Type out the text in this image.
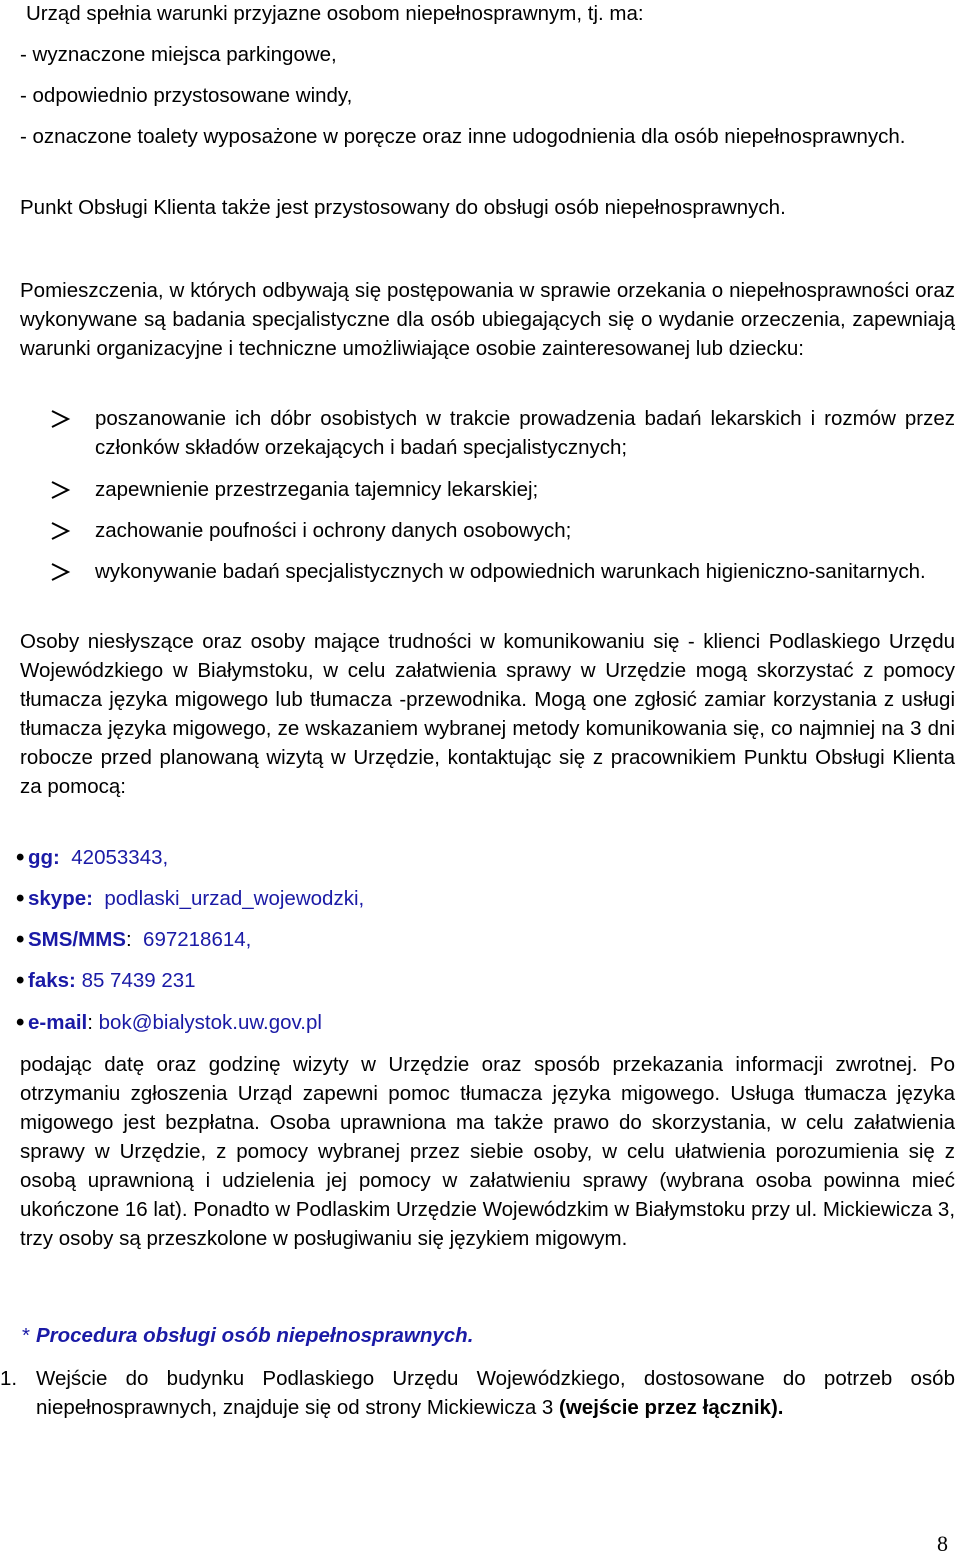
Urząd spełnia warunki przyjazne osobom niepełnosprawnym, tj. ma:
- wyznaczone miejsca parkingowe,
- odpowiednio przystosowane windy,
- oznaczone toalety wyposażone w poręcze oraz inne udogodnienia dla osób niepełnosprawnych.
Punkt Obsługi Klienta także jest przystosowany do obsługi osób niepełnosprawnych.
Pomieszczenia, w których odbywają się postępowania w sprawie orzekania o niepełnosprawności oraz wykonywane są badania specjalistyczne dla osób ubiegających się o wydanie orzeczenia, zapewniają warunki organizacyjne i techniczne umożliwiające osobie zainteresowanej lub dziecku:
poszanowanie ich dóbr osobistych w trakcie prowadzenia badań lekarskich i rozmów przez członków składów orzekających i badań specjalistycznych;
zapewnienie przestrzegania tajemnicy lekarskiej;
zachowanie poufności i ochrony danych osobowych;
wykonywanie badań specjalistycznych w odpowiednich warunkach higieniczno-sanitarnych.
Osoby niesłyszące oraz osoby mające trudności w komunikowaniu się - klienci Podlaskiego Urzędu Wojewódzkiego w Białymstoku, w celu załatwienia sprawy w Urzędzie mogą skorzystać z pomocy tłumacza języka migowego lub tłumacza -przewodnika. Mogą one zgłosić zamiar korzystania z usługi tłumacza języka migowego, ze wskazaniem wybranej metody komunikowania się, co najmniej na 3 dni robocze przed planowaną wizytą w Urzędzie, kontaktując się z pracownikiem Punktu Obsługi Klienta za pomocą:
• gg: 42053343,
• skype: podlaski_urzad_wojewodzki,
• SMS/MMS:  697218614,
• faks: 85 7439 231
• e-mail: bok@bialystok.uw.gov.pl
podając datę oraz godzinę wizyty w Urzędzie oraz sposób przekazania informacji zwrotnej. Po otrzymaniu zgłoszenia Urząd zapewni pomoc tłumacza języka migowego. Usługa tłumacza języka migowego jest bezpłatna. Osoba uprawniona ma także prawo do skorzystania, w celu załatwienia sprawy w Urzędzie, z pomocy wybranej przez siebie osoby, w celu ułatwienia porozumienia się z osobą uprawnioną i udzielenia jej pomocy w załatwieniu sprawy (wybrana osoba powinna mieć ukończone 16 lat). Ponadto w Podlaskim Urzędzie Wojewódzkim w Białymstoku przy ul. Mickiewicza 3, trzy osoby są przeszkolone w posługiwaniu się językiem migowym.
* Procedura obsługi osób niepełnosprawnych.
1. Wejście do budynku Podlaskiego Urzędu Wojewódzkiego, dostosowane do potrzeb osób niepełnosprawnych, znajduje się od strony Mickiewicza 3 (wejście przez łącznik).
8
